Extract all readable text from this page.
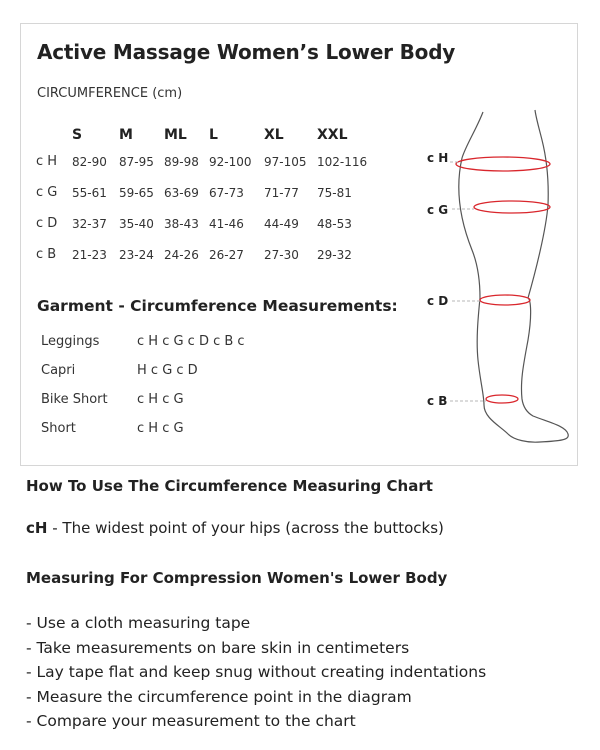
Active Massage Women’s Lower Body
CIRCUMFERENCE (cm)
	S	M	ML	L	XL	XXL
c H	82-90	87-95	89-98	92-100	97-105	102-116
c G	55-61	59-65	63-69	67-73	71-77	75-81
c D	32-37	35-40	38-43	41-46	44-49	48-53
c B	21-23	23-24	24-26	26-27	27-30	29-32
Garment - Circumference Measurements:
Leggings	c H c G c D c B c
Capri	H c G c D
Bike Short	c H c G
Short	c H c G
c H
c G
c D
c B
How To Use The Circumference Measuring Chart
cH - The widest point of your hips (across the buttocks)
Measuring For Compression Women's Lower Body
- Use a cloth measuring tape
- Take measurements on bare skin in centimeters
- Lay tape flat and keep snug without creating indentations
- Measure the circumference point in the diagram
- Compare your measurement to the chart
